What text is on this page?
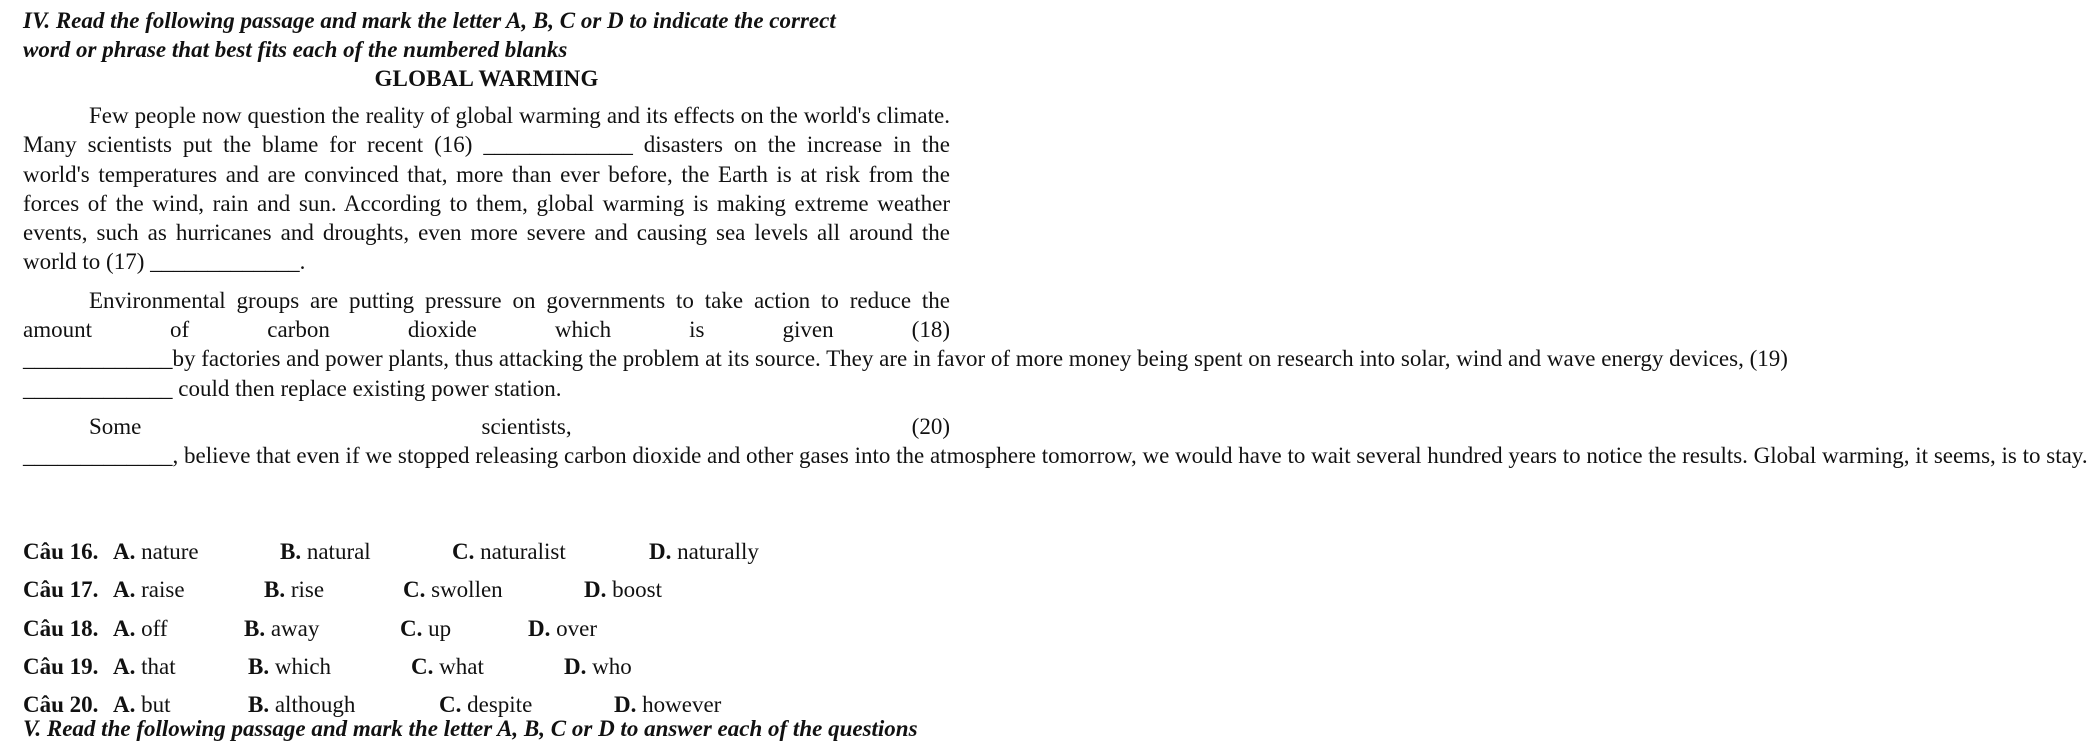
IV. Read the following passage and mark the letter A, B, C or D to indicate the correct

word or phrase that best fits each of the numbered blanks

GLOBAL WARMING

Few people now question the reality of global warming and its effects on the world's climate. Many scientists put the blame for recent (16) _____________ disasters on the increase in the world's temperatures and are convinced that, more than ever before, the Earth is at risk from the forces of the wind, rain and sun. According to them, global warming is making extreme weather events, such as hurricanes and droughts, even more severe and causing sea levels all around the world to (17) _____________.

Environmental groups are putting pressure on governments to take action to reduce the amount of carbon dioxide which is given (18) _____________by factories and power plants, thus attacking the problem at its source. They are in favor of more money being spent on research into solar, wind and wave energy devices, (19) _____________ could then replace existing power station.

Some scientists, (20) _____________, believe that even if we stopped releasing carbon dioxide and other gases into the atmosphere tomorrow, we would have to wait several hundred years to notice the results. Global warming, it seems, is to stay.

Câu 16. A. nature	B. natural	C. naturalist	D. naturally
Câu 17. A. raise	B. rise	C. swollen	D. boost
Câu 18. A. off	B. away	C. up	D. over
Câu 19. A. that	B. which	C. what	D. who
Câu 20. A. but	B. although	C. despite	D. however
V. Read the following passage and mark the letter A, B, C or D to answer each of the questions
